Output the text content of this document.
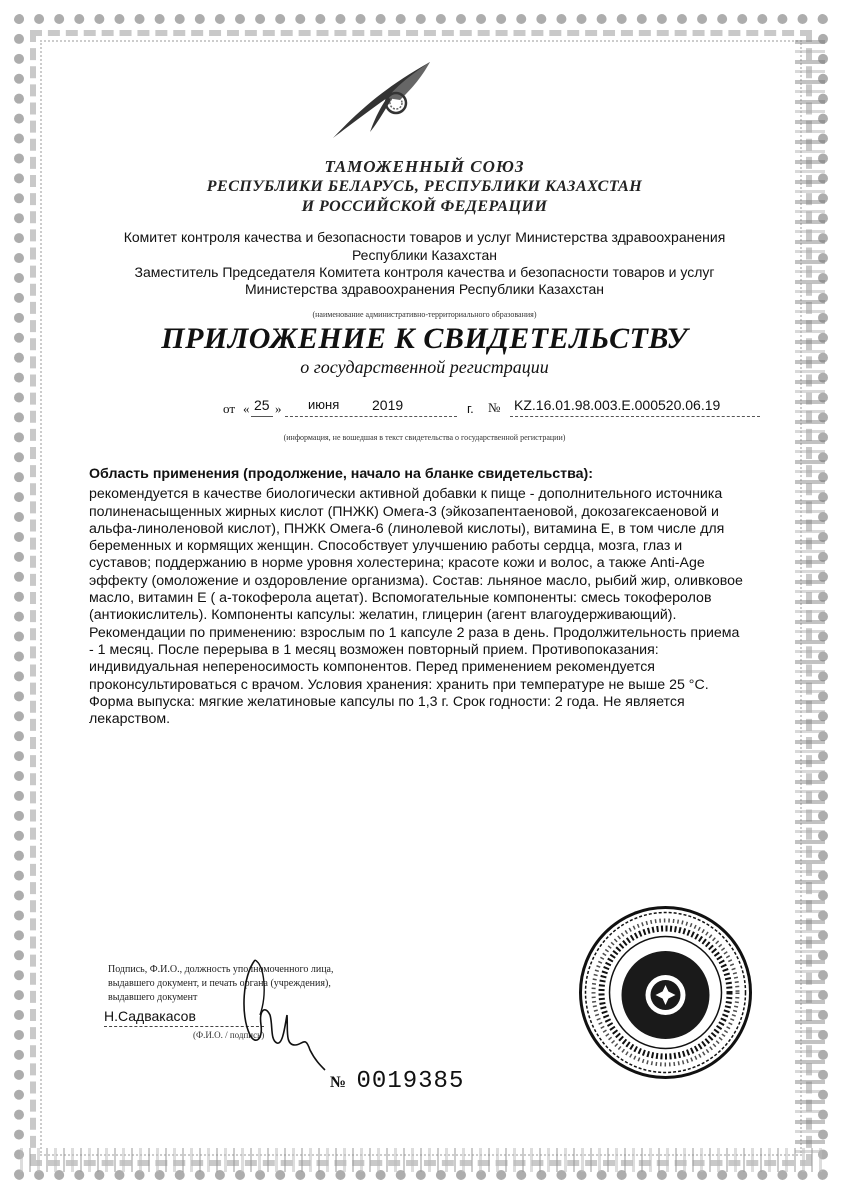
ТАМОЖЕННЫЙ СОЮЗ
РЕСПУБЛИКИ БЕЛАРУСЬ, РЕСПУБЛИКИ КАЗАХСТАН
И РОССИЙСКОЙ ФЕДЕРАЦИИ
Комитет контроля качества и безопасности товаров и услуг Министерства здравоохранения
Республики Казахстан
Заместитель Председателя Комитета контроля качества и безопасности товаров и услуг
Министерства здравоохранения Республики Казахстан
(наименование административно-территориального образования)
ПРИЛОЖЕНИЕ К СВИДЕТЕЛЬСТВУ
о государственной регистрации
от « 25 » июня 2019	г. № KZ.16.01.98.003.E.000520.06.19
(информация, не вошедшая в текст свидетельства о государственной регистрации)
Область применения (продолжение, начало на бланке свидетельства):
рекомендуется в качестве биологически активной добавки к пище - дополнительного источника
полиненасыщенных жирных кислот (ПНЖК) Омега-3 (эйкозапентаеновой, докозагексаеновой и
альфа-линоленовой кислот), ПНЖК Омега-6 (линолевой кислоты), витамина Е, в том числе для
беременных и кормящих женщин. Способствует улучшению работы сердца, мозга, глаз и
суставов; поддержанию в норме уровня холестерина; красоте кожи и волос, а также Anti-Age
эффекту (омоложение и оздоровление организма). Состав: льняное масло, рыбий жир, оливковое
масло, витамин Е ( а-токоферола ацетат). Вспомогательные компоненты: смесь токоферолов
(антиокислитель). Компоненты капсулы: желатин, глицерин (агент влагоудерживающий).
Рекомендации по применению: взрослым по 1 капсуле 2 раза в день. Продолжительность приема
- 1 месяц. После перерыва в 1 месяц возможен повторный прием. Противопоказания:
индивидуальная непереносимость компонентов. Перед применением рекомендуется
проконсультироваться с врачом. Условия хранения: хранить при температуре не выше 25 °С.
Форма выпуска: мягкие желатиновые капсулы по 1,3 г. Срок годности: 2 года. Не является
лекарством.
Подпись, Ф.И.О., должность уполномоченного лица,
выдавшего документ, и печать органа (учреждения),
выдавшего документ
Н.Садвакасов
(Ф.И.О. / подпись)
№ 0019385
